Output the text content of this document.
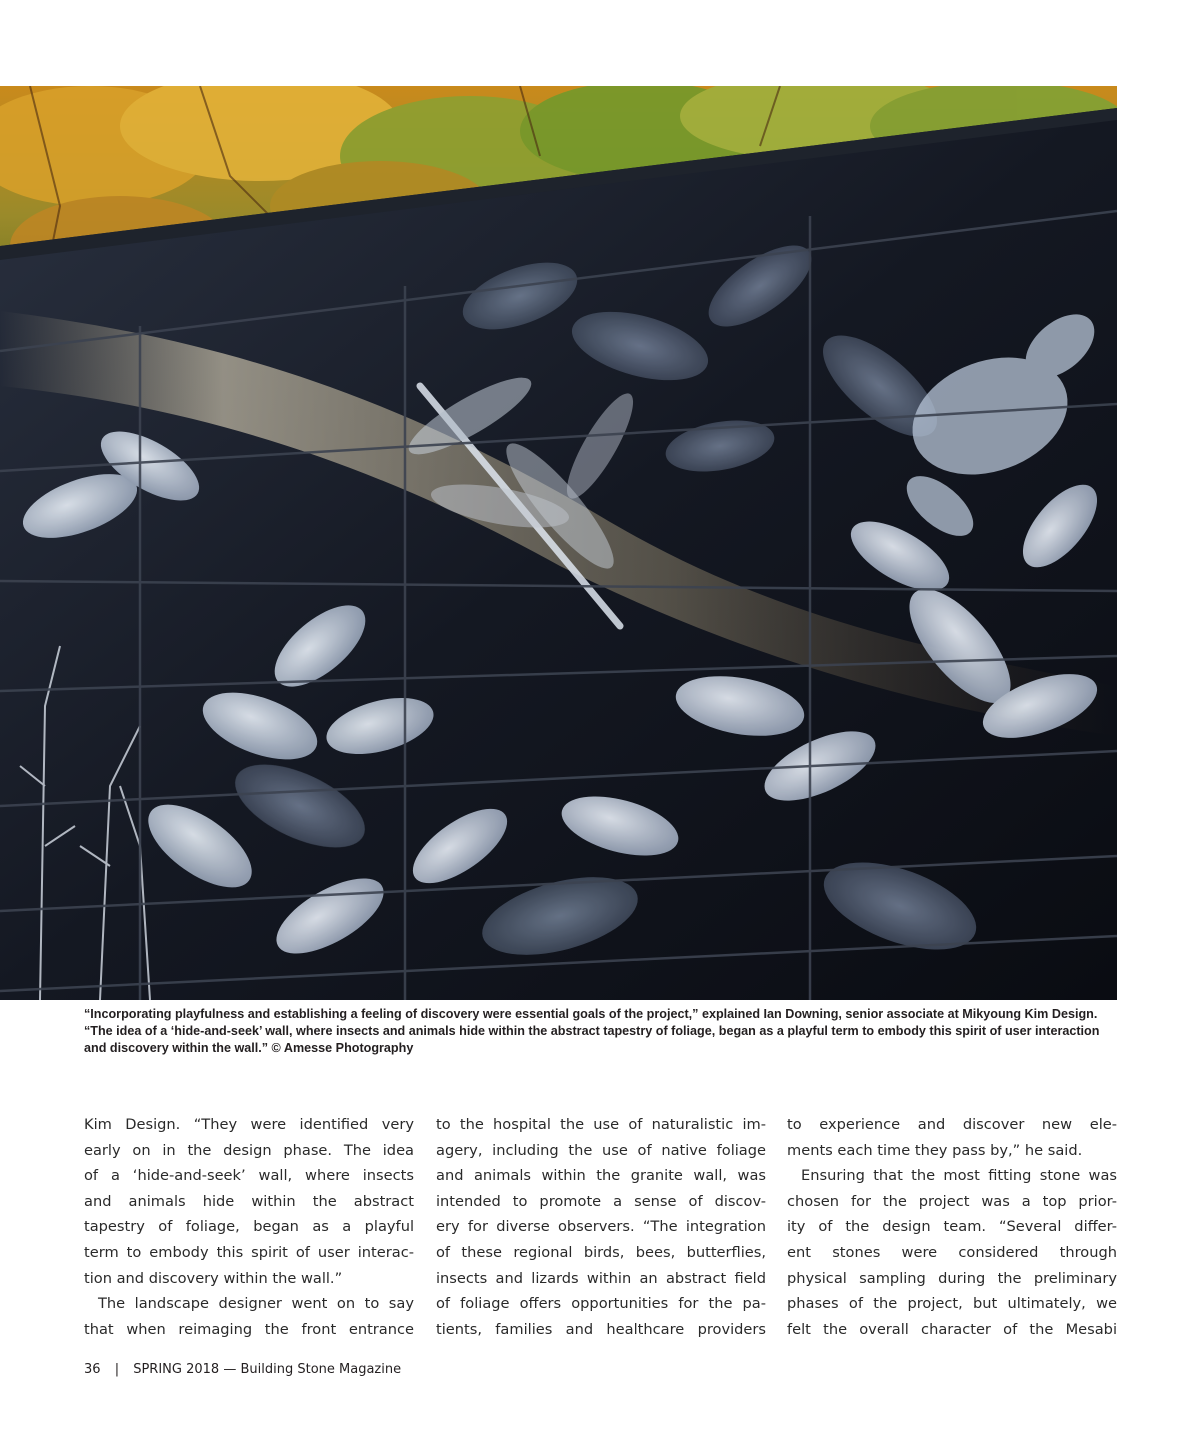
“Incorporating playfulness and establishing a feeling of discovery were essential goals of the project,” explained Ian Downing, senior associate at Mikyoung Kim Design.

“The idea of a ‘hide-and-seek’ wall, where insects and animals hide within the abstract tapestry of foliage, began as a playful term to embody this spirit of user interaction

and discovery within the wall.” © Amesse Photography

Kim Design. “They were identified very
early on in the design phase. The idea
of a ‘hide-and-seek’ wall, where insects
and animals hide within the abstract
tapestry of foliage, began as a playful
term to embody this spirit of user interac-
tion and discovery within the wall.”
The landscape designer went on to say
that when reimaging the front entrance
to the hospital the use of naturalistic im-
agery, including the use of native foliage
and animals within the granite wall, was
intended to promote a sense of discov-
ery for diverse observers. “The integration
of these regional birds, bees, butterflies,
insects and lizards within an abstract field
of foliage offers opportunities for the pa-
tients, families and healthcare providers
to experience and discover new ele-
ments each time they pass by,” he said.
Ensuring that the most fitting stone was
chosen for the project was a top prior-
ity of the design team. “Several differ-
ent stones were considered through
physical sampling during the preliminary
phases of the project, but ultimately, we
felt the overall character of the Mesabi
36 | SPRING 2018 — Building Stone Magazine
